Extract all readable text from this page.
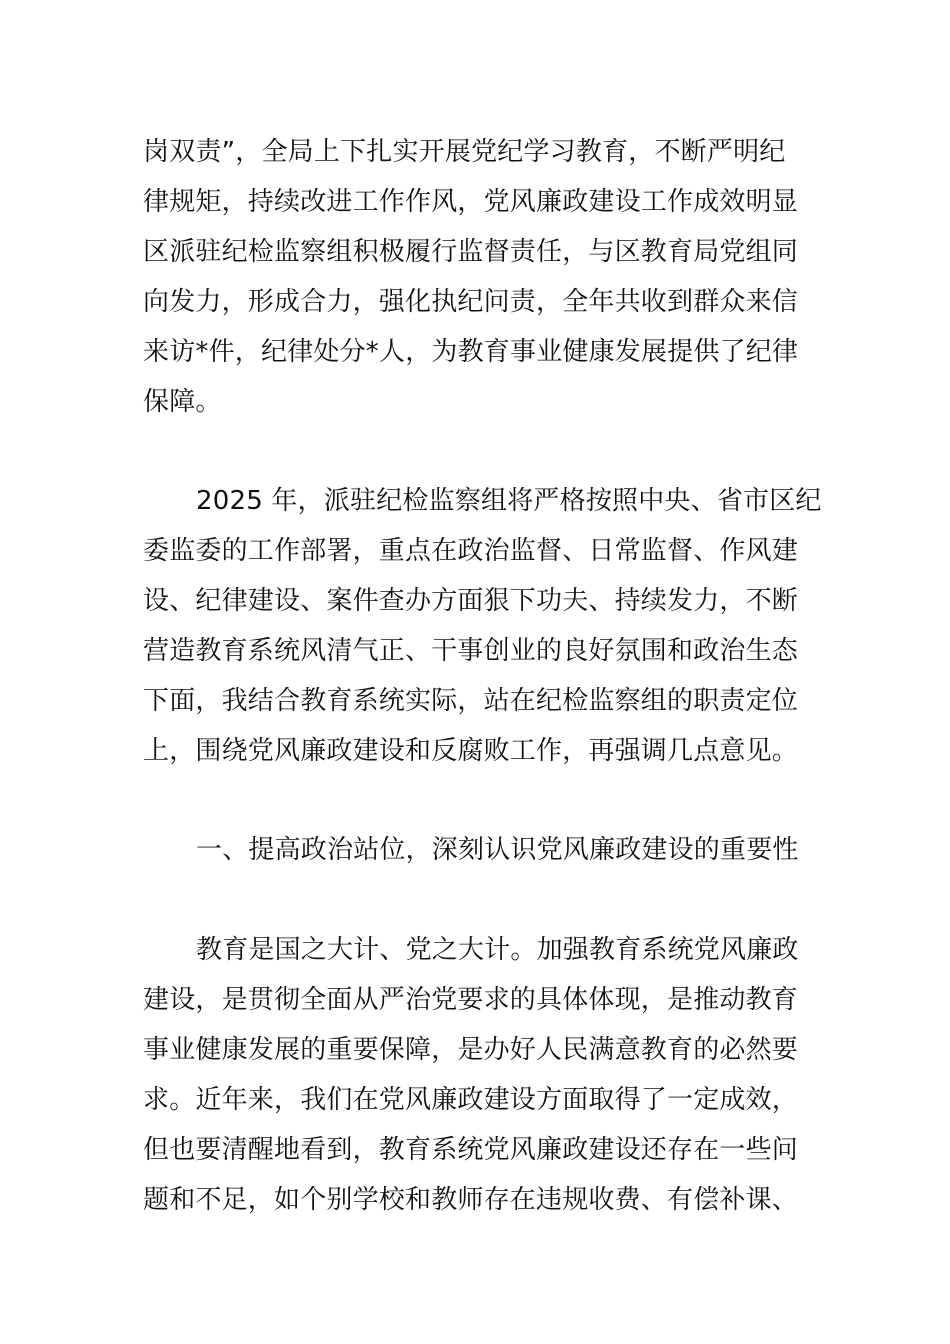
岗双责”，全局上下扎实开展党纪学习教育，不断严明纪
律规矩，持续改进工作作风，党风廉政建设工作成效明显
区派驻纪检监察组积极履行监督责任，与区教育局党组同
向发力，形成合力，强化执纪问责，全年共收到群众来信
来访*件，纪律处分*人，为教育事业健康发展提供了纪律
保障。
2025 年，派驻纪检监察组将严格按照中央、省市区纪
委监委的工作部署，重点在政治监督、日常监督、作风建
设、纪律建设、案件查办方面狠下功夫、持续发力，不断
营造教育系统风清气正、干事创业的良好氛围和政治生态
下面，我结合教育系统实际，站在纪检监察组的职责定位
上，围绕党风廉政建设和反腐败工作，再强调几点意见。
一、提高政治站位，深刻认识党风廉政建设的重要性
教育是国之大计、党之大计。加强教育系统党风廉政
建设，是贯彻全面从严治党要求的具体体现，是推动教育
事业健康发展的重要保障，是办好人民满意教育的必然要
求。近年来，我们在党风廉政建设方面取得了一定成效，
但也要清醒地看到，教育系统党风廉政建设还存在一些问
题和不足，如个别学校和教师存在违规收费、有偿补课、
